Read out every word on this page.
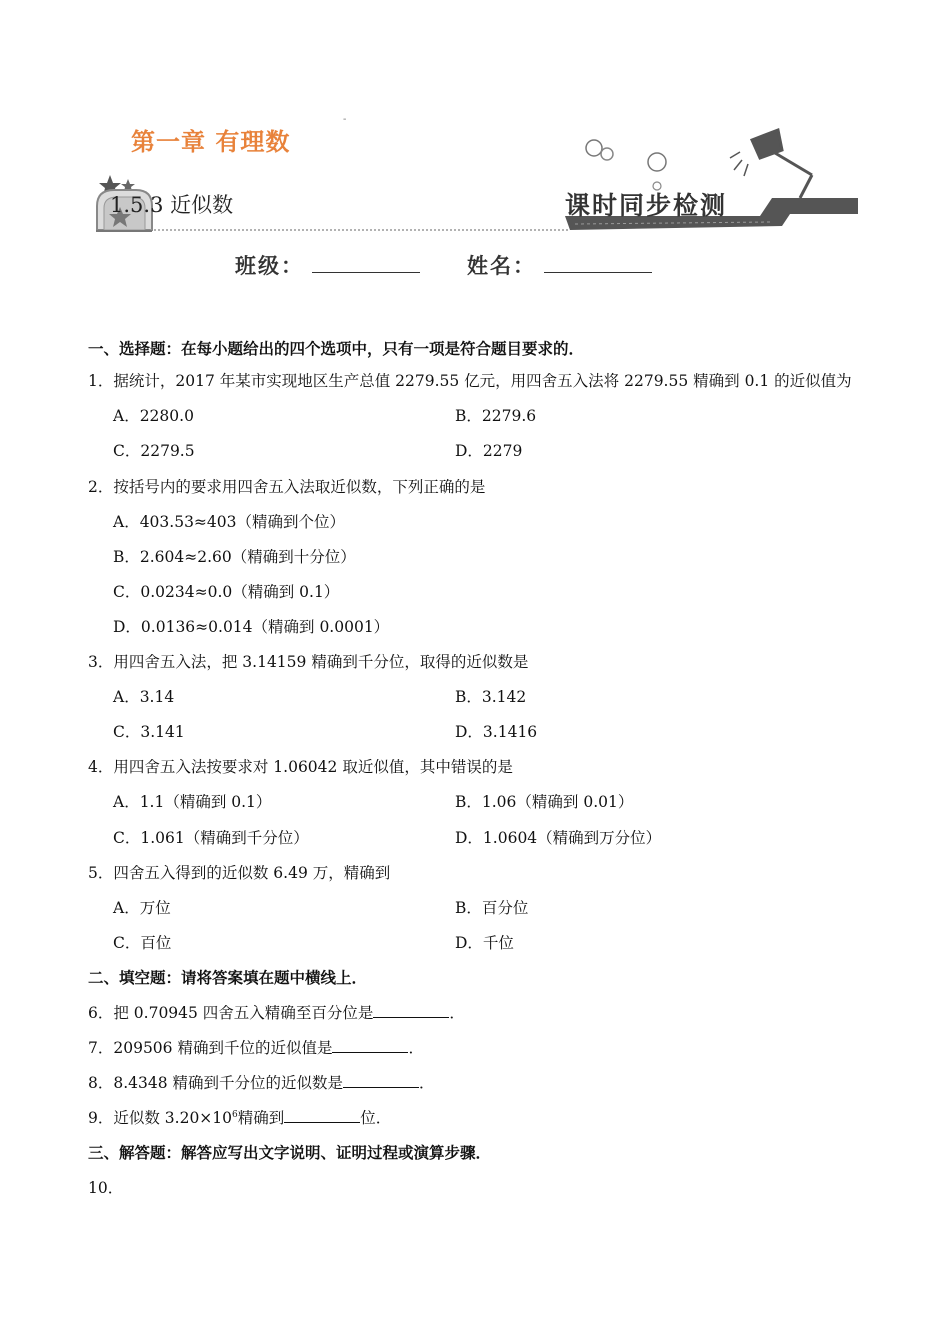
-
第一章 有理数
1.5.3 近似数	课时同步检测
班级：	姓名：
一、选择题：在每小题给出的四个选项中，只有一项是符合题目要求的．
1．据统计，2017 年某市实现地区生产总值 2279.55 亿元，用四舍五入法将 2279.55 精确到 0.1 的近似值为
A．2280.0	B．2279.6
C．2279.5	D．2279
2．按括号内的要求用四舍五入法取近似数，下列正确的是
A．403.53≈403（精确到个位）
B．2.604≈2.60（精确到十分位）
C．0.0234≈0.0（精确到 0.1）
D．0.0136≈0.014（精确到 0.0001）
3．用四舍五入法，把 3.14159 精确到千分位，取得的近似数是
A．3.14	B．3.142
C．3.141	D．3.1416
4．用四舍五入法按要求对 1.06042 取近似值，其中错误的是
A．1.1（精确到 0.1）	B．1.06（精确到 0.01）
C．1.061（精确到千分位）	D．1.0604（精确到万分位）
5．四舍五入得到的近似数 6.49 万，精确到
A．万位	B．百分位
C．百位	D．千位
二、填空题：请将答案填在题中横线上．
6．把 0.70945 四舍五入精确至百分位是	．
7．209506 精确到千位的近似值是	．
8．8.4348 精确到千分位的近似数是	．
9．近似数 $3.20\times 10^6$精确到	位．
三、解答题：解答应写出文字说明、证明过程或演算步骤．
10．
